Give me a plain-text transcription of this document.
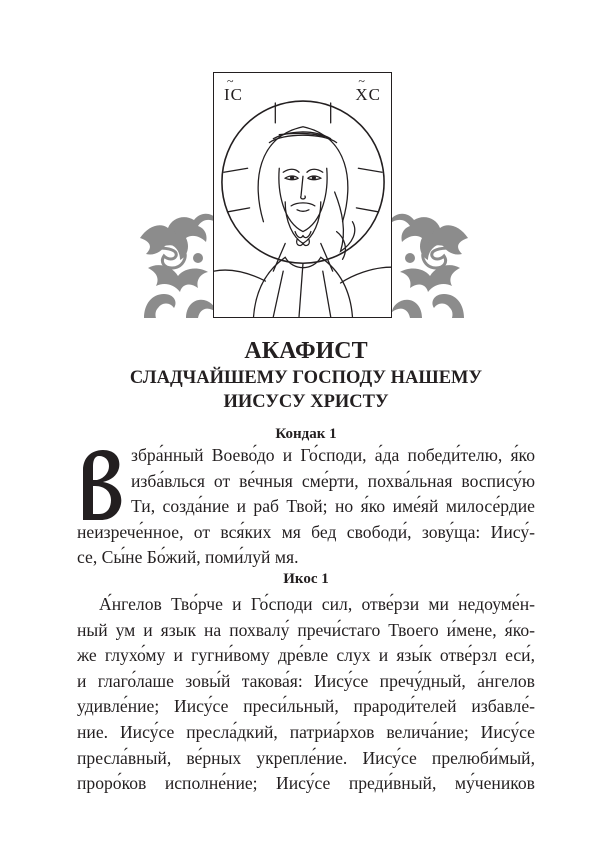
~ IC	~ XC
АКАФИСТ
СЛАДЧАЙШЕМУ ГОСПОДУ НАШЕМУ
ИИСУСУ ХРИСТУ
Кондак 1
збра́нный Воево́до и Го́споди, а́да победи́телю, я́ко
изба́влься от ве́чныя сме́рти, похва́льная воспису́ю
Ти, созда́ние и раб Твой; но я́ко име́яй милосе́рдие
неизрече́нное, от вся́ких мя бед свободи́, зову́ща: Иису́-
се, Сы́не Бо́жий, поми́луй мя.
Икос 1
А́нгелов Тво́рче и Го́споди сил, отве́рзи ми недоуме́н-
ный ум и язык на похвалу́ пречи́стаго Твоего и́мене, я́ко-
же глухо́му и гугни́вому дре́вле слух и язы́к отве́рзл еси́,
и глаго́лаше зовы́й такова́я: Иису́се пречу́дный, а́нгелов
удивле́ние; Иису́се преси́льный, прароди́телей избавле́-
ние. Иису́се пресла́дкий, патриа́рхов велича́ние; Иису́се
пресла́вный, ве́рных укрепле́ние. Иису́се прелюби́мый,
проро́ков исполне́ние; Иису́се преди́вный, му́чеников
